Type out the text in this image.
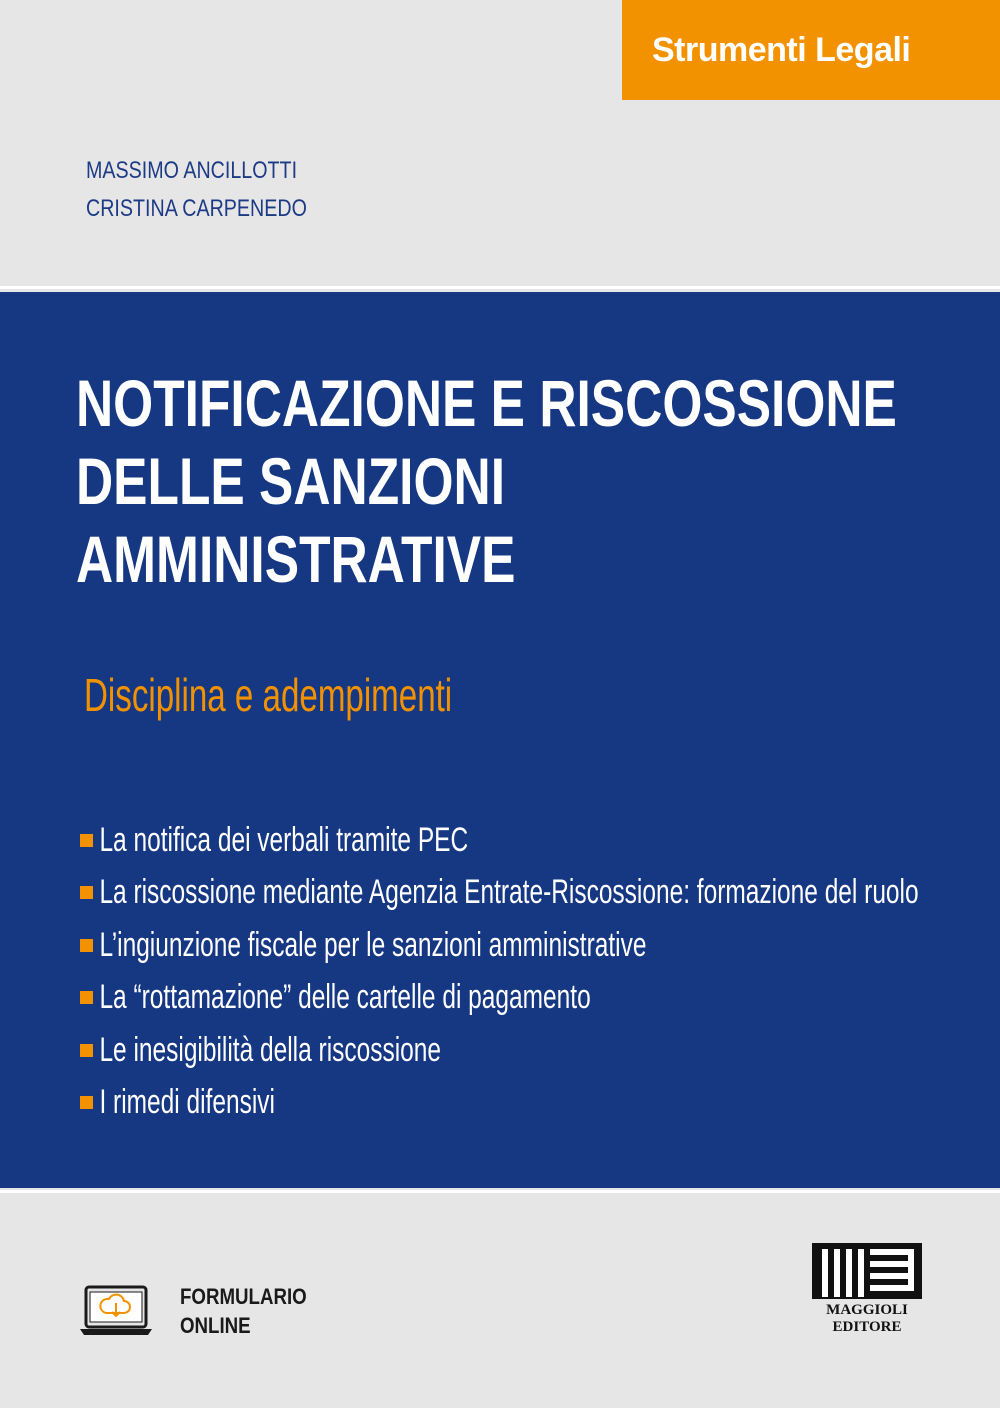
Strumenti Legali
MASSIMO ANCILLOTTI
CRISTINA CARPENEDO
NOTIFICAZIONE E RISCOSSIONE
DELLE SANZIONI
AMMINISTRATIVE
Disciplina e adempimenti
La notifica dei verbali tramite PEC
La riscossione mediante Agenzia Entrate-Riscossione: formazione del ruolo
L’ingiunzione fiscale per le sanzioni amministrative
La “rottamazione” delle cartelle di pagamento
Le inesigibilità della riscossione
I rimedi difensivi
FORMULARIO
ONLINE
MAGGIOLI
EDITORE
